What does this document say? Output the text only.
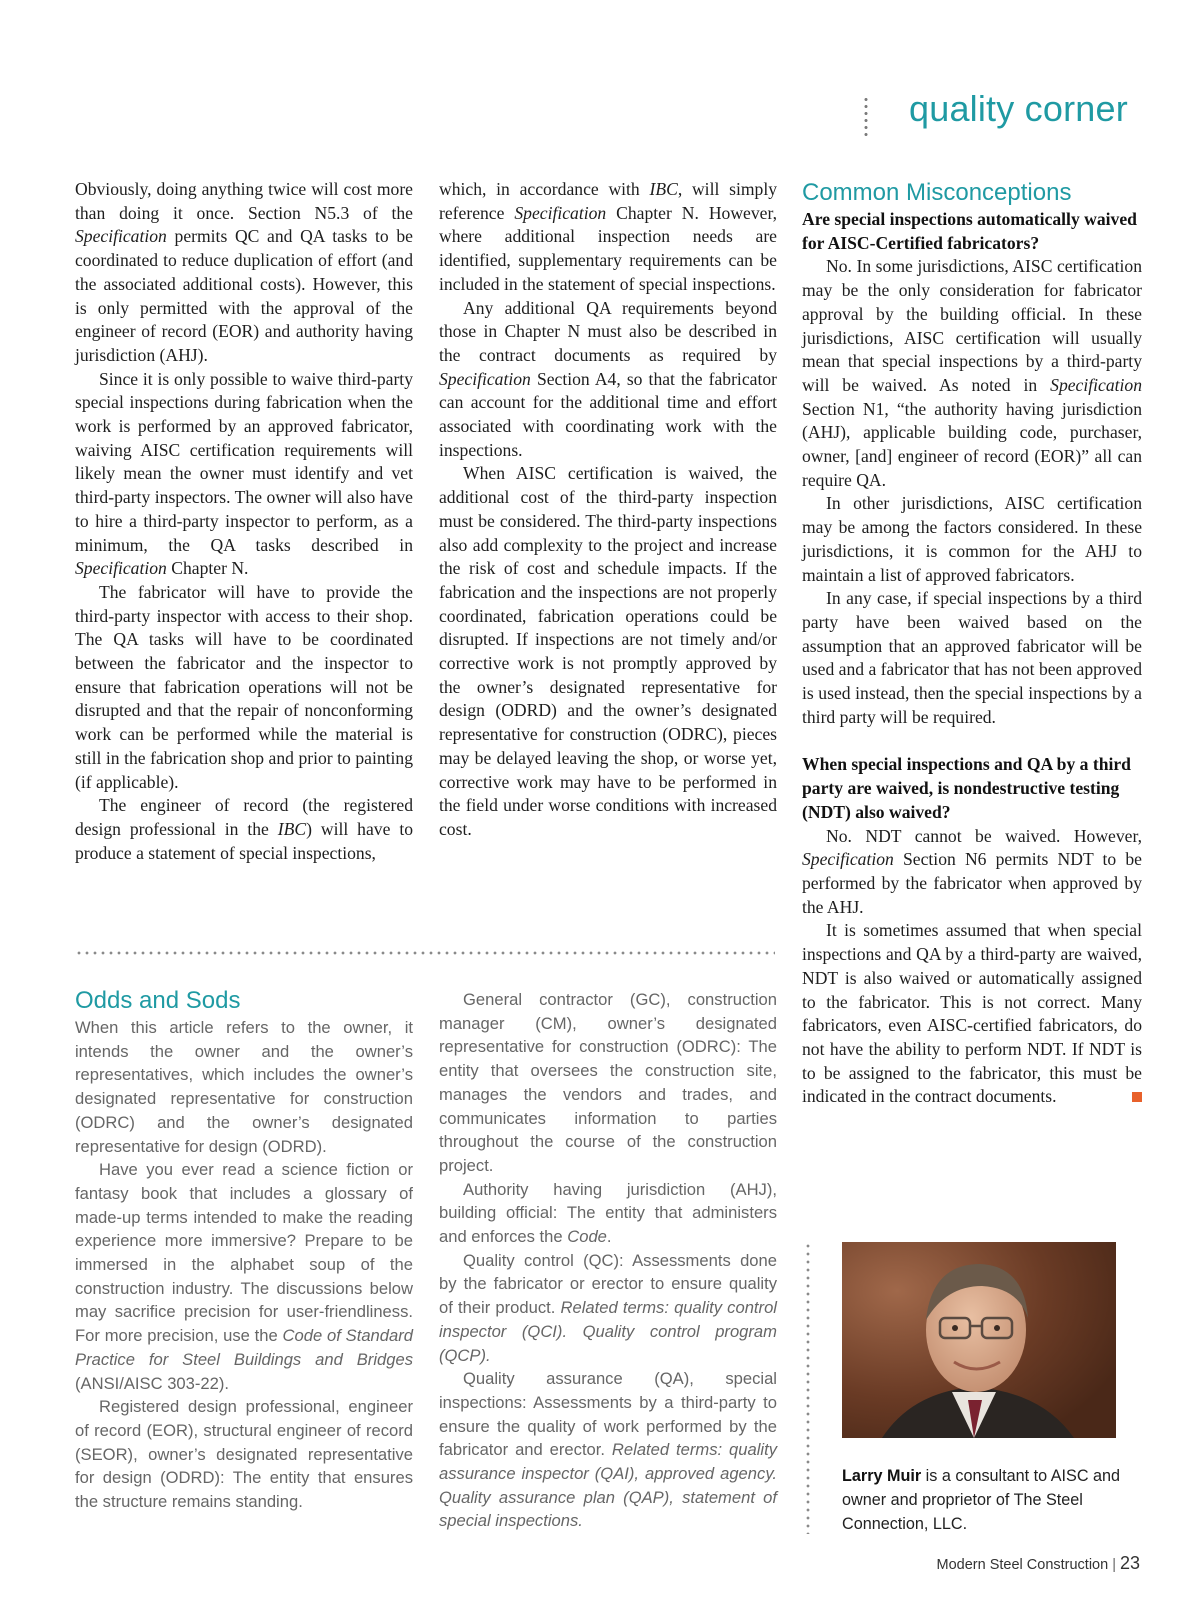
quality corner

Obviously, doing anything twice will cost more than doing it once. Section N5.3 of the Specification permits QC and QA tasks to be coordinated to reduce duplication of effort (and the associated additional costs). However, this is only permitted with the approval of the engineer of record (EOR) and authority having jurisdiction (AHJ).

Since it is only possible to waive third-party special inspections during fabrication when the work is performed by an approved fabricator, waiving AISC certification requirements will likely mean the owner must identify and vet third-party inspectors. The owner will also have to hire a third-party inspector to perform, as a minimum, the QA tasks described in Specification Chapter N.

The fabricator will have to provide the third-party inspector with access to their shop. The QA tasks will have to be coordinated between the fabricator and the inspector to ensure that fabrication operations will not be disrupted and that the repair of nonconforming work can be performed while the material is still in the fabrication shop and prior to painting (if applicable).

The engineer of record (the registered design professional in the IBC) will have to produce a statement of special inspections,

which, in accordance with IBC, will simply reference Specification Chapter N. However, where additional inspection needs are identified, supplementary requirements can be included in the statement of special inspections.

Any additional QA requirements beyond those in Chapter N must also be described in the contract documents as required by Specification Section A4, so that the fabricator can account for the additional time and effort associated with coordinating work with the inspections.

When AISC certification is waived, the additional cost of the third-party inspection must be considered. The third-party inspections also add complexity to the project and increase the risk of cost and schedule impacts. If the fabrication and the inspections are not properly coordinated, fabrication operations could be disrupted. If inspections are not timely and/or corrective work is not promptly approved by the owner’s designated representative for design (ODRD) and the owner’s designated representative for construction (ODRC), pieces may be delayed leaving the shop, or worse yet, corrective work may have to be performed in the field under worse conditions with increased cost.

Common Misconceptions
Are special inspections automatically waived for AISC-Certified fabricators?

No. In some jurisdictions, AISC certification may be the only consideration for fabricator approval by the building official. In these jurisdictions, AISC certification will usually mean that special inspections by a third-party will be waived. As noted in Specification Section N1, “the authority having jurisdiction (AHJ), applicable building code, purchaser, owner, [and] engineer of record (EOR)” all can require QA.

In other jurisdictions, AISC certification may be among the factors considered. In these jurisdictions, it is common for the AHJ to maintain a list of approved fabricators.

In any case, if special inspections by a third party have been waived based on the assumption that an approved fabricator will be used and a fabricator that has not been approved is used instead, then the special inspections by a third party will be required.

When special inspections and QA by a third party are waived, is nondestructive testing (NDT) also waived?

No. NDT cannot be waived. However, Specification Section N6 permits NDT to be performed by the fabricator when approved by the AHJ.

It is sometimes assumed that when special inspections and QA by a third-party are waived, NDT is also waived or automatically assigned to the fabricator. This is not correct. Many fabricators, even AISC-certified fabricators, do not have the ability to perform NDT. If NDT is to be assigned to the fabricator, this must be indicated in the contract documents.

Odds and Sods

When this article refers to the owner, it intends the owner and the owner’s representatives, which includes the owner’s designated representative for construction (ODRC) and the owner’s designated representative for design (ODRD).

Have you ever read a science fiction or fantasy book that includes a glossary of made-up terms intended to make the reading experience more immersive? Prepare to be immersed in the alphabet soup of the construction industry. The discussions below may sacrifice precision for user-friendliness. For more precision, use the Code of Standard Practice for Steel Buildings and Bridges (ANSI/AISC 303-22).

Registered design professional, engineer of record (EOR), structural engineer of record (SEOR), owner’s designated representative for design (ODRD): The entity that ensures the structure remains standing.

General contractor (GC), construction manager (CM), owner’s designated representative for construction (ODRC): The entity that oversees the construction site, manages the vendors and trades, and communicates information to parties throughout the course of the construction project.

Authority having jurisdiction (AHJ), building official: The entity that administers and enforces the Code.

Quality control (QC): Assessments done by the fabricator or erector to ensure quality of their product. Related terms: quality control inspector (QCI). Quality control program (QCP).

Quality assurance (QA), special inspections: Assessments by a third-party to ensure the quality of work performed by the fabricator and erector. Related terms: quality assurance inspector (QAI), approved agency. Quality assurance plan (QAP), statement of special inspections.

Larry Muir is a consultant to AISC and owner and proprietor of The Steel Connection, LLC.
Modern Steel Construction | 23
